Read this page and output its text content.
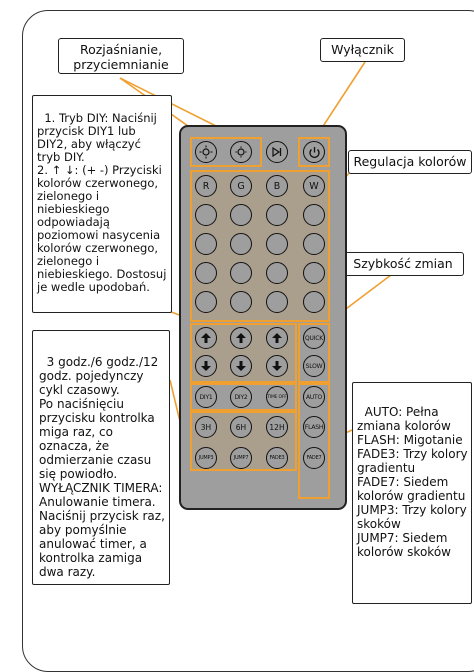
Rozjaśnianie, przyciemnianie
Wyłącznik
Regulacja kolorów
Szybkość zmian

1. Tryb DIY: Naciśnij przycisk DIY1 lub DIY2, aby włączyć tryb DIY.
2. ↑ ↓: (+ -) Przyciski kolorów czerwonego, zielonego i niebieskiego odpowiadają poziomowi nasycenia kolorów czerwonego, zielonego i niebieskiego. Dostosuj je wedle upodobań.

3 godz./6 godz./12 godz. pojedynczy cykl czasowy.
Po naciśnięciu przycisku kontrolka miga raz, co oznacza, że odmierzanie czasu się powiodło.
WYŁĄCZNIK TIMERA: Anulowanie timera. Naciśnij przycisk raz, aby pomyślnie anulować timer, a kontrolka zamiga dwa razy.

AUTO: Pełna zmiana kolorów
FLASH: Migotanie
FADE3: Trzy kolory gradientu
FADE7: Siedem kolorów gradientu
JUMP3: Trzy kolory skoków
JUMP7: Siedem kolorów skoków

R	G	B	W
QUICK
SLOW
DIY1	DIY2	TIME OFF	AUTO
3H	6H	12H	FLASH
JUMP3	JUMP7	FADE3	FADE7
